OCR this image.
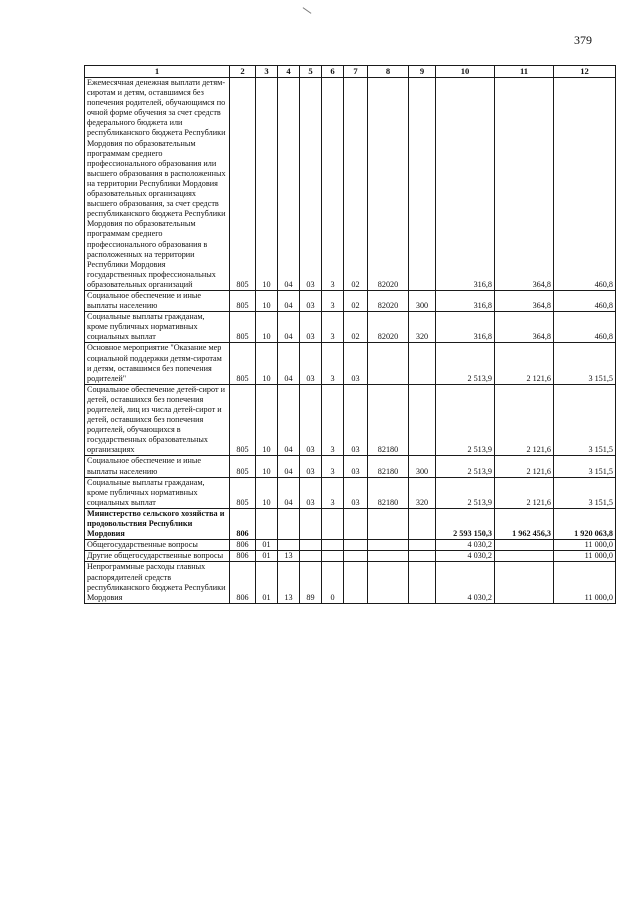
379
1	2	3	4	5	6	7	8	9	10	11	12
Ежемесячная денежная выплати детям-сиротам и детям, оставшимся без попечения родителей, обучающимся по очной форме обучения за счет средств федерального бюджета или республиканского бюджета Республики Мордовия по образовательным программам среднего профессионального образования или высшего образования в расположенных на территории Республики Мордовия образовательных организациях высшего образования, за счет средств республиканского бюджета Республики Мордовия по образовательным программам среднего профессионального образования в расположенных на территории Республики Мордовия государственных профессиональных образовательных организаций	805	10	04	03	3	02	82020		316,8	364,8	460,8
Социальное обеспечение и иные выплаты населению	805	10	04	03	3	02	82020	300	316,8	364,8	460,8
Социальные выплаты гражданам, кроме публичных нормативных социальных выплат	805	10	04	03	3	02	82020	320	316,8	364,8	460,8
Основное мероприятие "Оказание мер социальной поддержки детям-сиротам и детям, оставшимся без попечения родителей"	805	10	04	03	3	03			2 513,9	2 121,6	3 151,5
Социальное обеспечение детей-сирот и детей, оставшихся без попечения родителей, лиц из числа детей-сирот и детей, оставшихся без попечения родителей, обучающихся в государственных образовательных организациях	805	10	04	03	3	03	82180		2 513,9	2 121,6	3 151,5
Социальное обеспечение и иные выплаты населению	805	10	04	03	3	03	82180	300	2 513,9	2 121,6	3 151,5
Социальные выплаты гражданам, кроме публичных нормативных социальных выплат	805	10	04	03	3	03	82180	320	2 513,9	2 121,6	3 151,5
Министерство сельского хозяйства и продовольствия Республики Мордовия	806								2 593 150,3	1 962 456,3	1 920 063,8
Общегосударственные вопросы	806	01							4 030,2		11 000,0
Другие общегосударственные вопросы	806	01	13						4 030,2		11 000,0
Непрограммные расходы главных распорядителей средств республиканского бюджета Республики Мордовия	806	01	13	89	0				4 030,2		11 000,0
